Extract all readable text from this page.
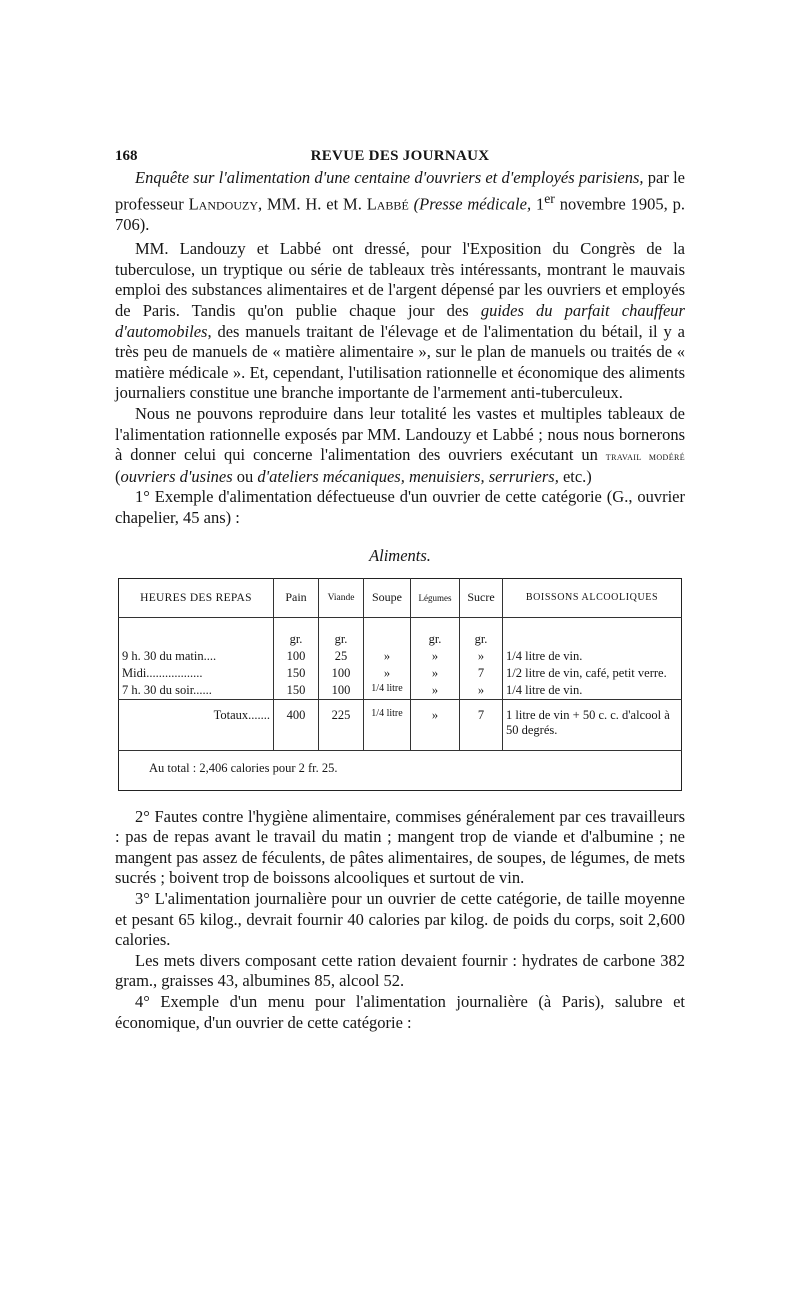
168	REVUE DES JOURNAUX

Enquête sur l'alimentation d'une centaine d'ouvriers et d'employés parisiens, par le professeur Landouzy, MM. H. et M. Labbé (Presse médicale, 1er novembre 1905, p. 706).

MM. Landouzy et Labbé ont dressé, pour l'Exposition du Congrès de la tuberculose, un tryptique ou série de tableaux très intéressants, montrant le mauvais emploi des substances alimentaires et de l'argent dépensé par les ouvriers et employés de Paris. Tandis qu'on publie chaque jour des guides du parfait chauffeur d'automobiles, des manuels traitant de l'élevage et de l'alimentation du bétail, il y a très peu de manuels de « matière alimentaire », sur le plan de manuels ou traités de « matière médicale ». Et, cependant, l'utilisation rationnelle et économique des aliments journaliers constitue une branche importante de l'armement anti-tuberculeux.

Nous ne pouvons reproduire dans leur totalité les vastes et multiples tableaux de l'alimentation rationnelle exposés par MM. Landouzy et Labbé ; nous nous bornerons à donner celui qui concerne l'alimentation des ouvriers exécutant un travail modéré (ouvriers d'usines ou d'ateliers mécaniques, menuisiers, serruriers, etc.)

1° Exemple d'alimentation défectueuse d'un ouvrier de cette catégorie (G., ouvrier chapelier, 45 ans) :

Aliments.
HEURES DES REPAS	Pain	Viande	Soupe	Légumes	Sucre	BOISSONS ALCOOLIQUES
	gr.	gr.		gr.	gr.	
9 h. 30 du matin....	100	25	»	»	»	1/4 litre de vin.
Midi..................	150	100	»	»	7	1/2 litre de vin, café, petit verre.
7 h. 30 du soir......	150	100	1/4 litre	»	»	1/4 litre de vin.
Totaux.......	400	225	1/4 litre	»	7	1 litre de vin + 50 c. c. d'alcool à 50 degrés.
Au total : 2,406 calories pour 2 fr. 25.						

2° Fautes contre l'hygiène alimentaire, commises généralement par ces travailleurs : pas de repas avant le travail du matin ; mangent trop de viande et d'albumine ; ne mangent pas assez de féculents, de pâtes alimentaires, de soupes, de légumes, de mets sucrés ; boivent trop de boissons alcooliques et surtout de vin.

3° L'alimentation journalière pour un ouvrier de cette catégorie, de taille moyenne et pesant 65 kilog., devrait fournir 40 calories par kilog. de poids du corps, soit 2,600 calories.

Les mets divers composant cette ration devaient fournir : hydrates de carbone 382 gram., graisses 43, albumines 85, alcool 52.

4° Exemple d'un menu pour l'alimentation journalière (à Paris), salubre et économique, d'un ouvrier de cette catégorie :
